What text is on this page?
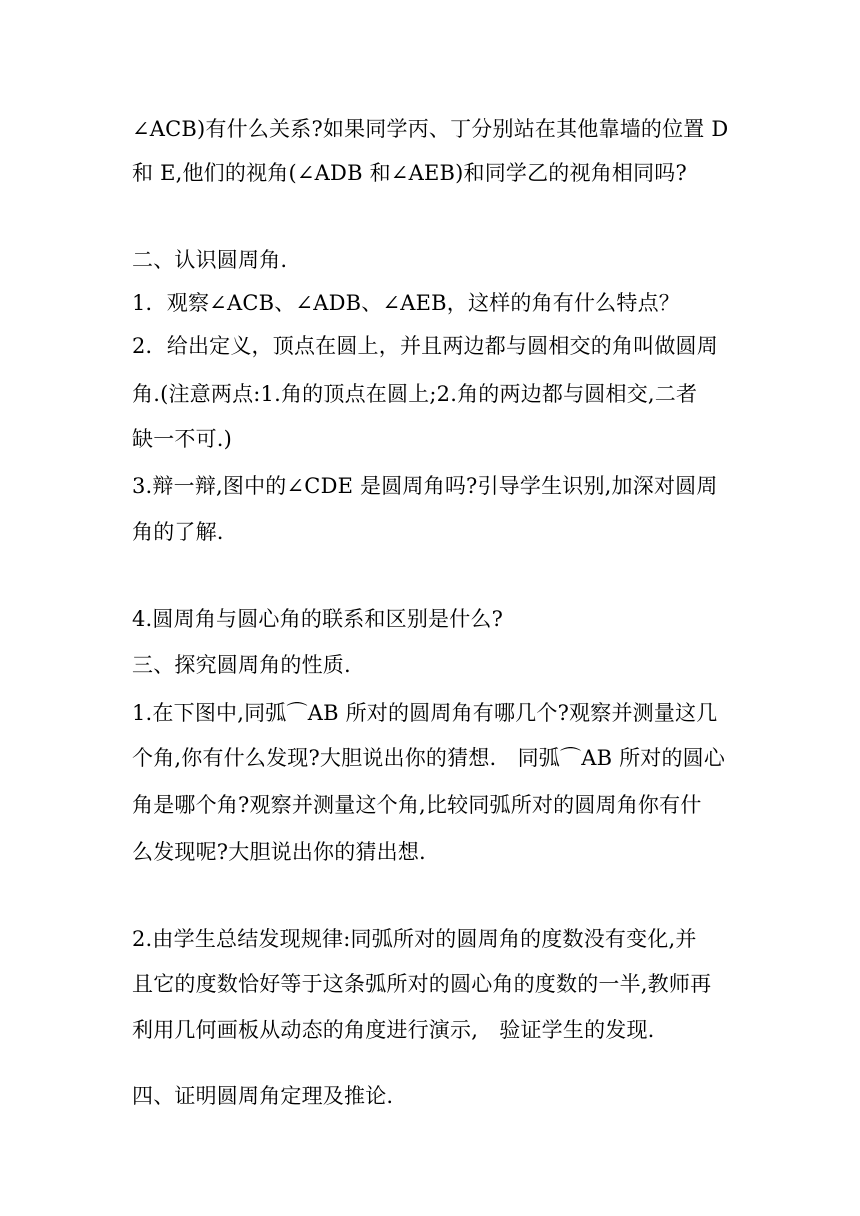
∠ACB)有什么关系?如果同学丙、丁分别站在其他靠墙的位置 D
和 E,他们的视角(∠ADB 和∠AEB)和同学乙的视角相同吗?
二、认识圆周角.
1．观察∠ACB、∠ADB、∠AEB，这样的角有什么特点？
2．给出定义，顶点在圆上，并且两边都与圆相交的角叫做圆周
角.(注意两点:1.角的顶点在圆上;2.角的两边都与圆相交,二者
缺一不可.)
3.辩一辩,图中的∠CDE 是圆周角吗?引导学生识别,加深对圆周
角的了解.
4.圆周角与圆心角的联系和区别是什么?
三、探究圆周角的性质.
1.在下图中,同弧⌒AB 所对的圆周角有哪几个?观察并测量这几
个角,你有什么发现?大胆说出你的猜想.　同弧⌒AB 所对的圆心
角是哪个角?观察并测量这个角,比较同弧所对的圆周角你有什
么发现呢?大胆说出你的猜出想.
2.由学生总结发现规律:同弧所对的圆周角的度数没有变化,并
且它的度数恰好等于这条弧所对的圆心角的度数的一半,教师再
利用几何画板从动态的角度进行演示,　验证学生的发现.
四、证明圆周角定理及推论.
